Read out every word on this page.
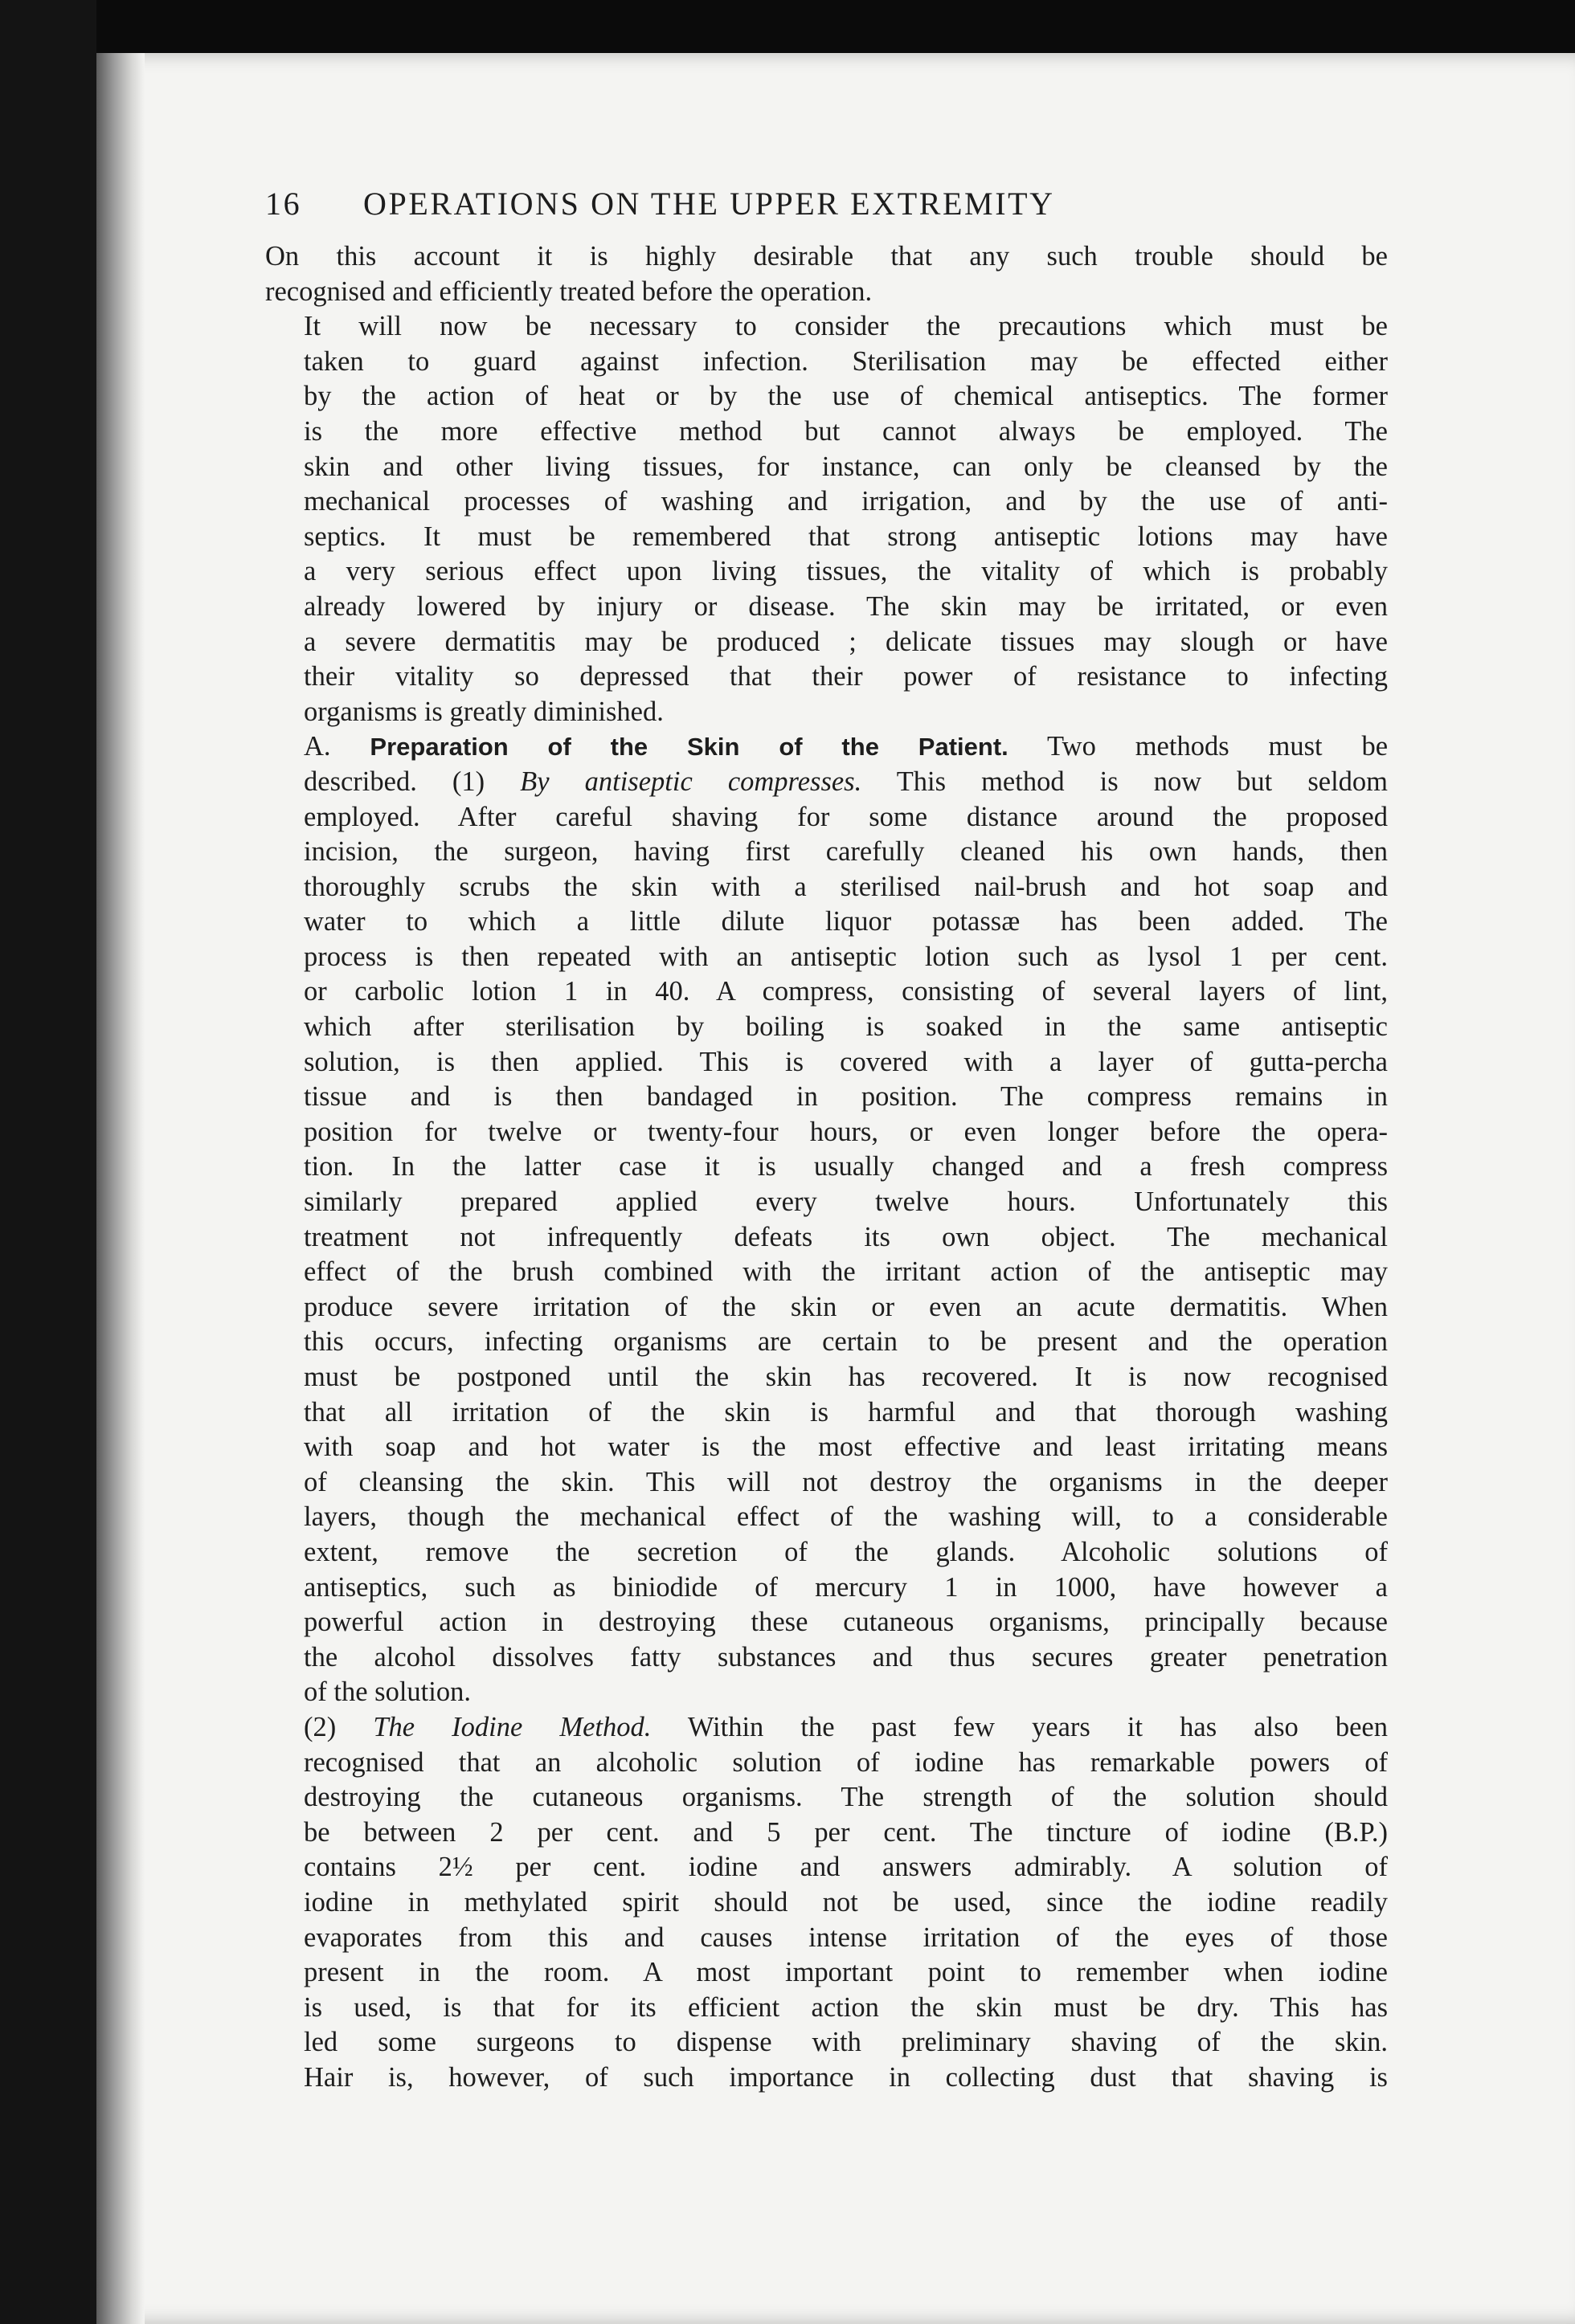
16	OPERATIONS ON THE UPPER EXTREMITY
On this account it is highly desirable that any such trouble should be
recognised and efficiently treated before the operation.
It will now be necessary to consider the precautions which must be
taken to guard against infection. Sterilisation may be effected either
by the action of heat or by the use of chemical antiseptics. The former
is the more effective method but cannot always be employed. The
skin and other living tissues, for instance, can only be cleansed by the
mechanical processes of washing and irrigation, and by the use of anti-
septics. It must be remembered that strong antiseptic lotions may have
a very serious effect upon living tissues, the vitality of which is probably
already lowered by injury or disease. The skin may be irritated, or even
a severe dermatitis may be produced ; delicate tissues may slough or have
their vitality so depressed that their power of resistance to infecting
organisms is greatly diminished.
A. Preparation of the Skin of the Patient. Two methods must be
described. (1) By antiseptic compresses. This method is now but seldom
employed. After careful shaving for some distance around the proposed
incision, the surgeon, having first carefully cleaned his own hands, then
thoroughly scrubs the skin with a sterilised nail-brush and hot soap and
water to which a little dilute liquor potassæ has been added. The
process is then repeated with an antiseptic lotion such as lysol 1 per cent.
or carbolic lotion 1 in 40. A compress, consisting of several layers of lint,
which after sterilisation by boiling is soaked in the same antiseptic
solution, is then applied. This is covered with a layer of gutta-percha
tissue and is then bandaged in position. The compress remains in
position for twelve or twenty-four hours, or even longer before the opera-
tion. In the latter case it is usually changed and a fresh compress
similarly prepared applied every twelve hours. Unfortunately this
treatment not infrequently defeats its own object. The mechanical
effect of the brush combined with the irritant action of the antiseptic may
produce severe irritation of the skin or even an acute dermatitis. When
this occurs, infecting organisms are certain to be present and the operation
must be postponed until the skin has recovered. It is now recognised
that all irritation of the skin is harmful and that thorough washing
with soap and hot water is the most effective and least irritating means
of cleansing the skin. This will not destroy the organisms in the deeper
layers, though the mechanical effect of the washing will, to a considerable
extent, remove the secretion of the glands. Alcoholic solutions of
antiseptics, such as biniodide of mercury 1 in 1000, have however a
powerful action in destroying these cutaneous organisms, principally because
the alcohol dissolves fatty substances and thus secures greater penetration
of the solution.
(2) The Iodine Method. Within the past few years it has also been
recognised that an alcoholic solution of iodine has remarkable powers of
destroying the cutaneous organisms. The strength of the solution should
be between 2 per cent. and 5 per cent. The tincture of iodine (B.P.)
contains 2½ per cent. iodine and answers admirably. A solution of
iodine in methylated spirit should not be used, since the iodine readily
evaporates from this and causes intense irritation of the eyes of those
present in the room. A most important point to remember when iodine
is used, is that for its efficient action the skin must be dry. This has
led some surgeons to dispense with preliminary shaving of the skin.
Hair is, however, of such importance in collecting dust that shaving is
